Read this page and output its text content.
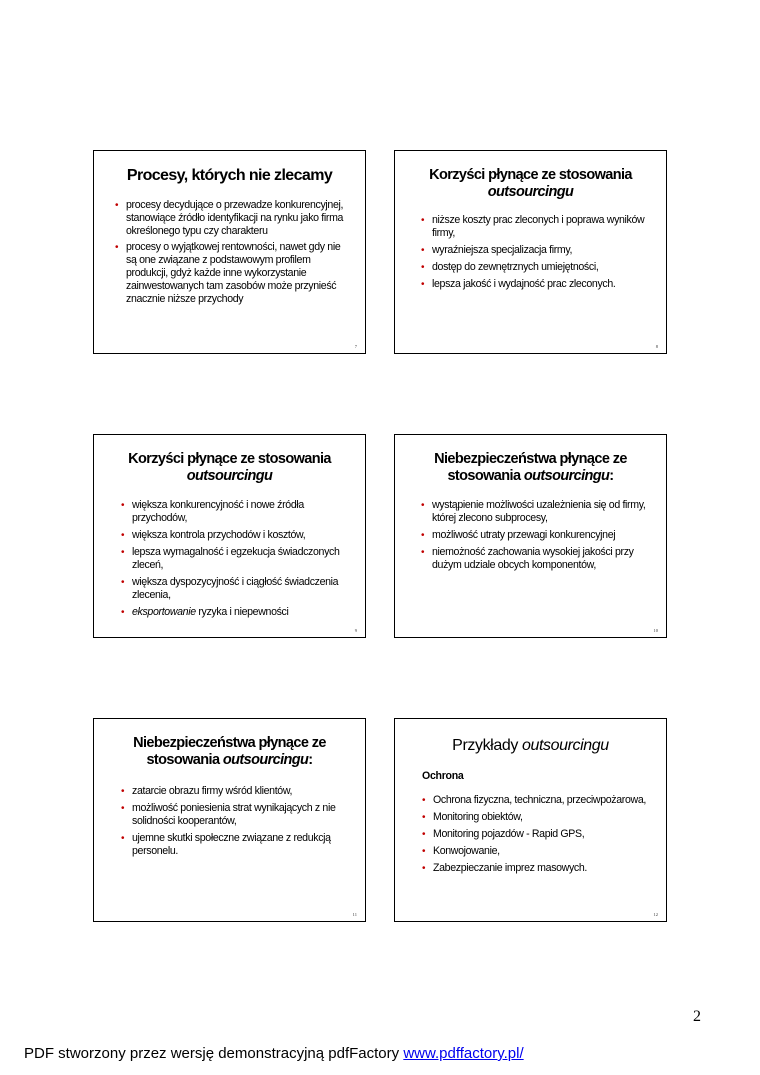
Procesy, których nie zlecamy

• procesy decydujące o przewadze konkurencyjnej, stanowiące źródło identyfikacji na rynku jako firma określonego typu czy charakteru
• procesy o wyjątkowej rentowności, nawet gdy nie są one związane z podstawowym profilem produkcji, gdyż każde inne wykorzystanie zainwestowanych tam zasobów może przynieść znacznie niższe przychody
7

Korzyści płynące ze stosowania
outsourcingu

• niższe koszty prac zleconych i poprawa wyników firmy,
• wyraźniejsza specjalizacja firmy,
• dostęp do zewnętrznych umiejętności,
• lepsza jakość i wydajność prac zleconych.
8

Korzyści płynące ze stosowania
outsourcingu

• większa konkurencyjność i nowe źródła przychodów,
• większa kontrola przychodów i kosztów,
• lepsza wymagalność i egzekucja świadczonych zleceń,
• większa dyspozycyjność i ciągłość świadczenia zlecenia,
• eksportowanie ryzyka i niepewności
9

Niebezpieczeństwa płynące ze
stosowania outsourcingu:

• wystąpienie możliwości uzależnienia się od firmy, której zlecono subprocesy,
• możliwość utraty przewagi konkurencyjnej
• niemożność zachowania wysokiej jakości przy dużym udziale obcych komponentów,
10

Niebezpieczeństwa płynące ze
stosowania outsourcingu:

• zatarcie obrazu firmy wśród klientów,
• możliwość poniesienia strat wynikających z nie solidności kooperantów,
• ujemne skutki społeczne związane z redukcją personelu.
11

Przykłady outsourcingu

Ochrona

• Ochrona fizyczna, techniczna, przeciwpożarowa,
• Monitoring obiektów,
• Monitoring pojazdów - Rapid GPS,
• Konwojowanie,
• Zabezpieczanie imprez masowych.
12
2
PDF stworzony przez wersję demonstracyjną pdfFactory www.pdffactory.pl/
